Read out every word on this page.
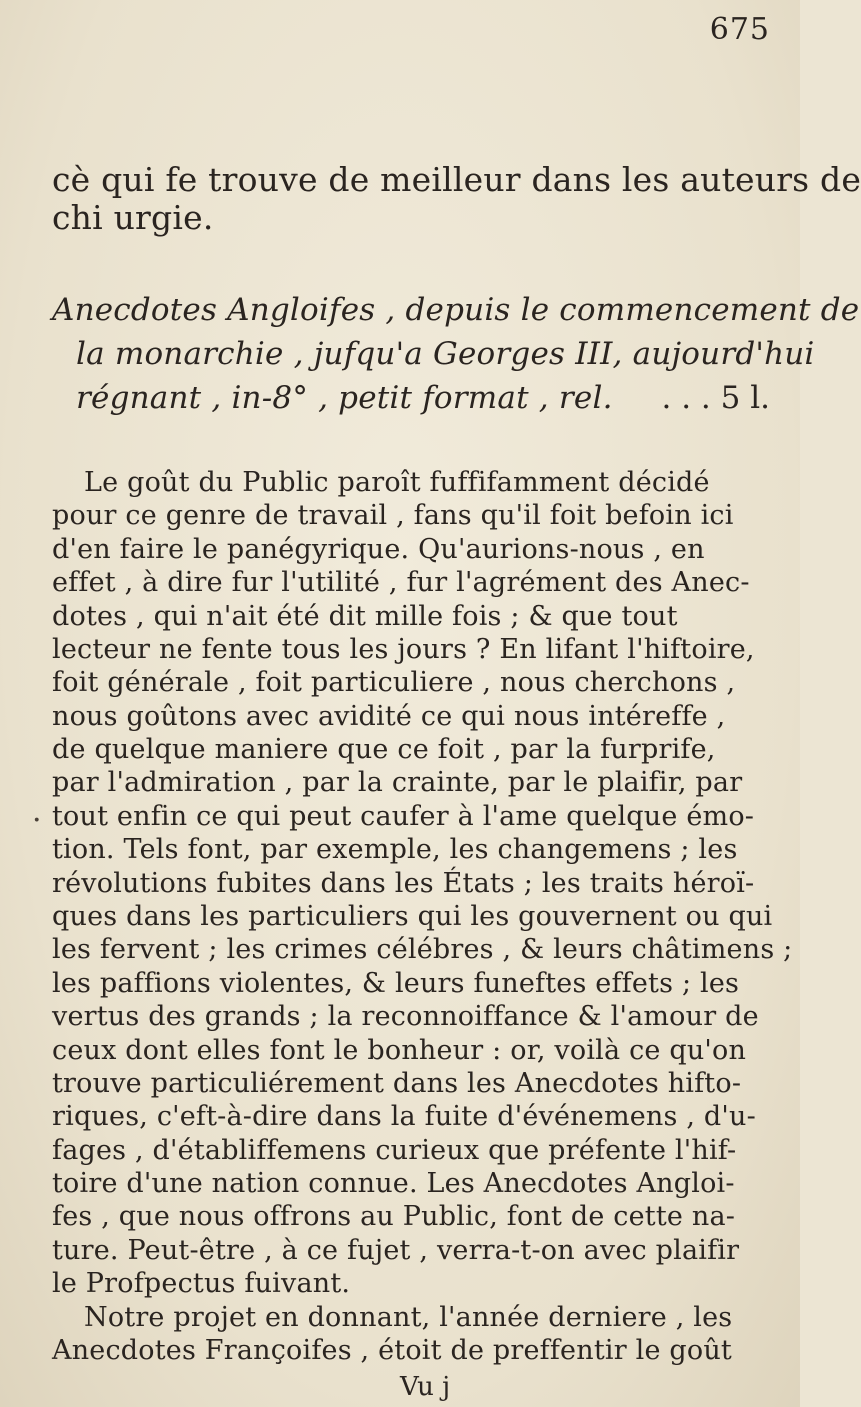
675
cè qui fe trouve de meilleur dans les auteurs de
chi urgie.
Anecdotes Angloifes , depuis le commencement de
la monarchie , jufqu'a Georges III, aujourd'hui
régnant , in-8° , petit format , rel.	. . . 5 l.
Le goût du Public paroît fuffifamment décidé
pour ce genre de travail , fans qu'il foit befoin ici
d'en faire le panégyrique. Qu'aurions-nous , en
effet , à dire fur l'utilité , fur l'agrément des Anec-
dotes , qui n'ait été dit mille fois ; & que tout
lecteur ne fente tous les jours ? En lifant l'hiftoire,
foit générale , foit particuliere , nous cherchons ,
nous goûtons avec avidité ce qui nous intéreffe ,
de quelque maniere que ce foit , par la furprife,
par l'admiration , par la crainte, par le plaifir, par
· tout enfin ce qui peut caufer à l'ame quelque émo-
tion. Tels font, par exemple, les changemens ; les
révolutions fubites dans les États ; les traits héroï-
ques dans les particuliers qui les gouvernent ou qui
les fervent ; les crimes célébres , & leurs châtimens ;
les paffions violentes, & leurs funeftes effets ; les
vertus des grands ; la reconnoiffance & l'amour de
ceux dont elles font le bonheur : or, voilà ce qu'on
trouve particuliérement dans les Anecdotes hifto-
riques, c'eft-à-dire dans la fuite d'événemens , d'u-
fages , d'établiffemens curieux que préfente l'hif-
toire d'une nation connue. Les Anecdotes Angloi-
fes , que nous offrons au Public, font de cette na-
ture. Peut-être , à ce fujet , verra-t-on avec plaifir
le Profpectus fuivant.
Notre projet en donnant, l'année derniere , les
Anecdotes Françoifes , étoit de preffentir le goût
Vu j
